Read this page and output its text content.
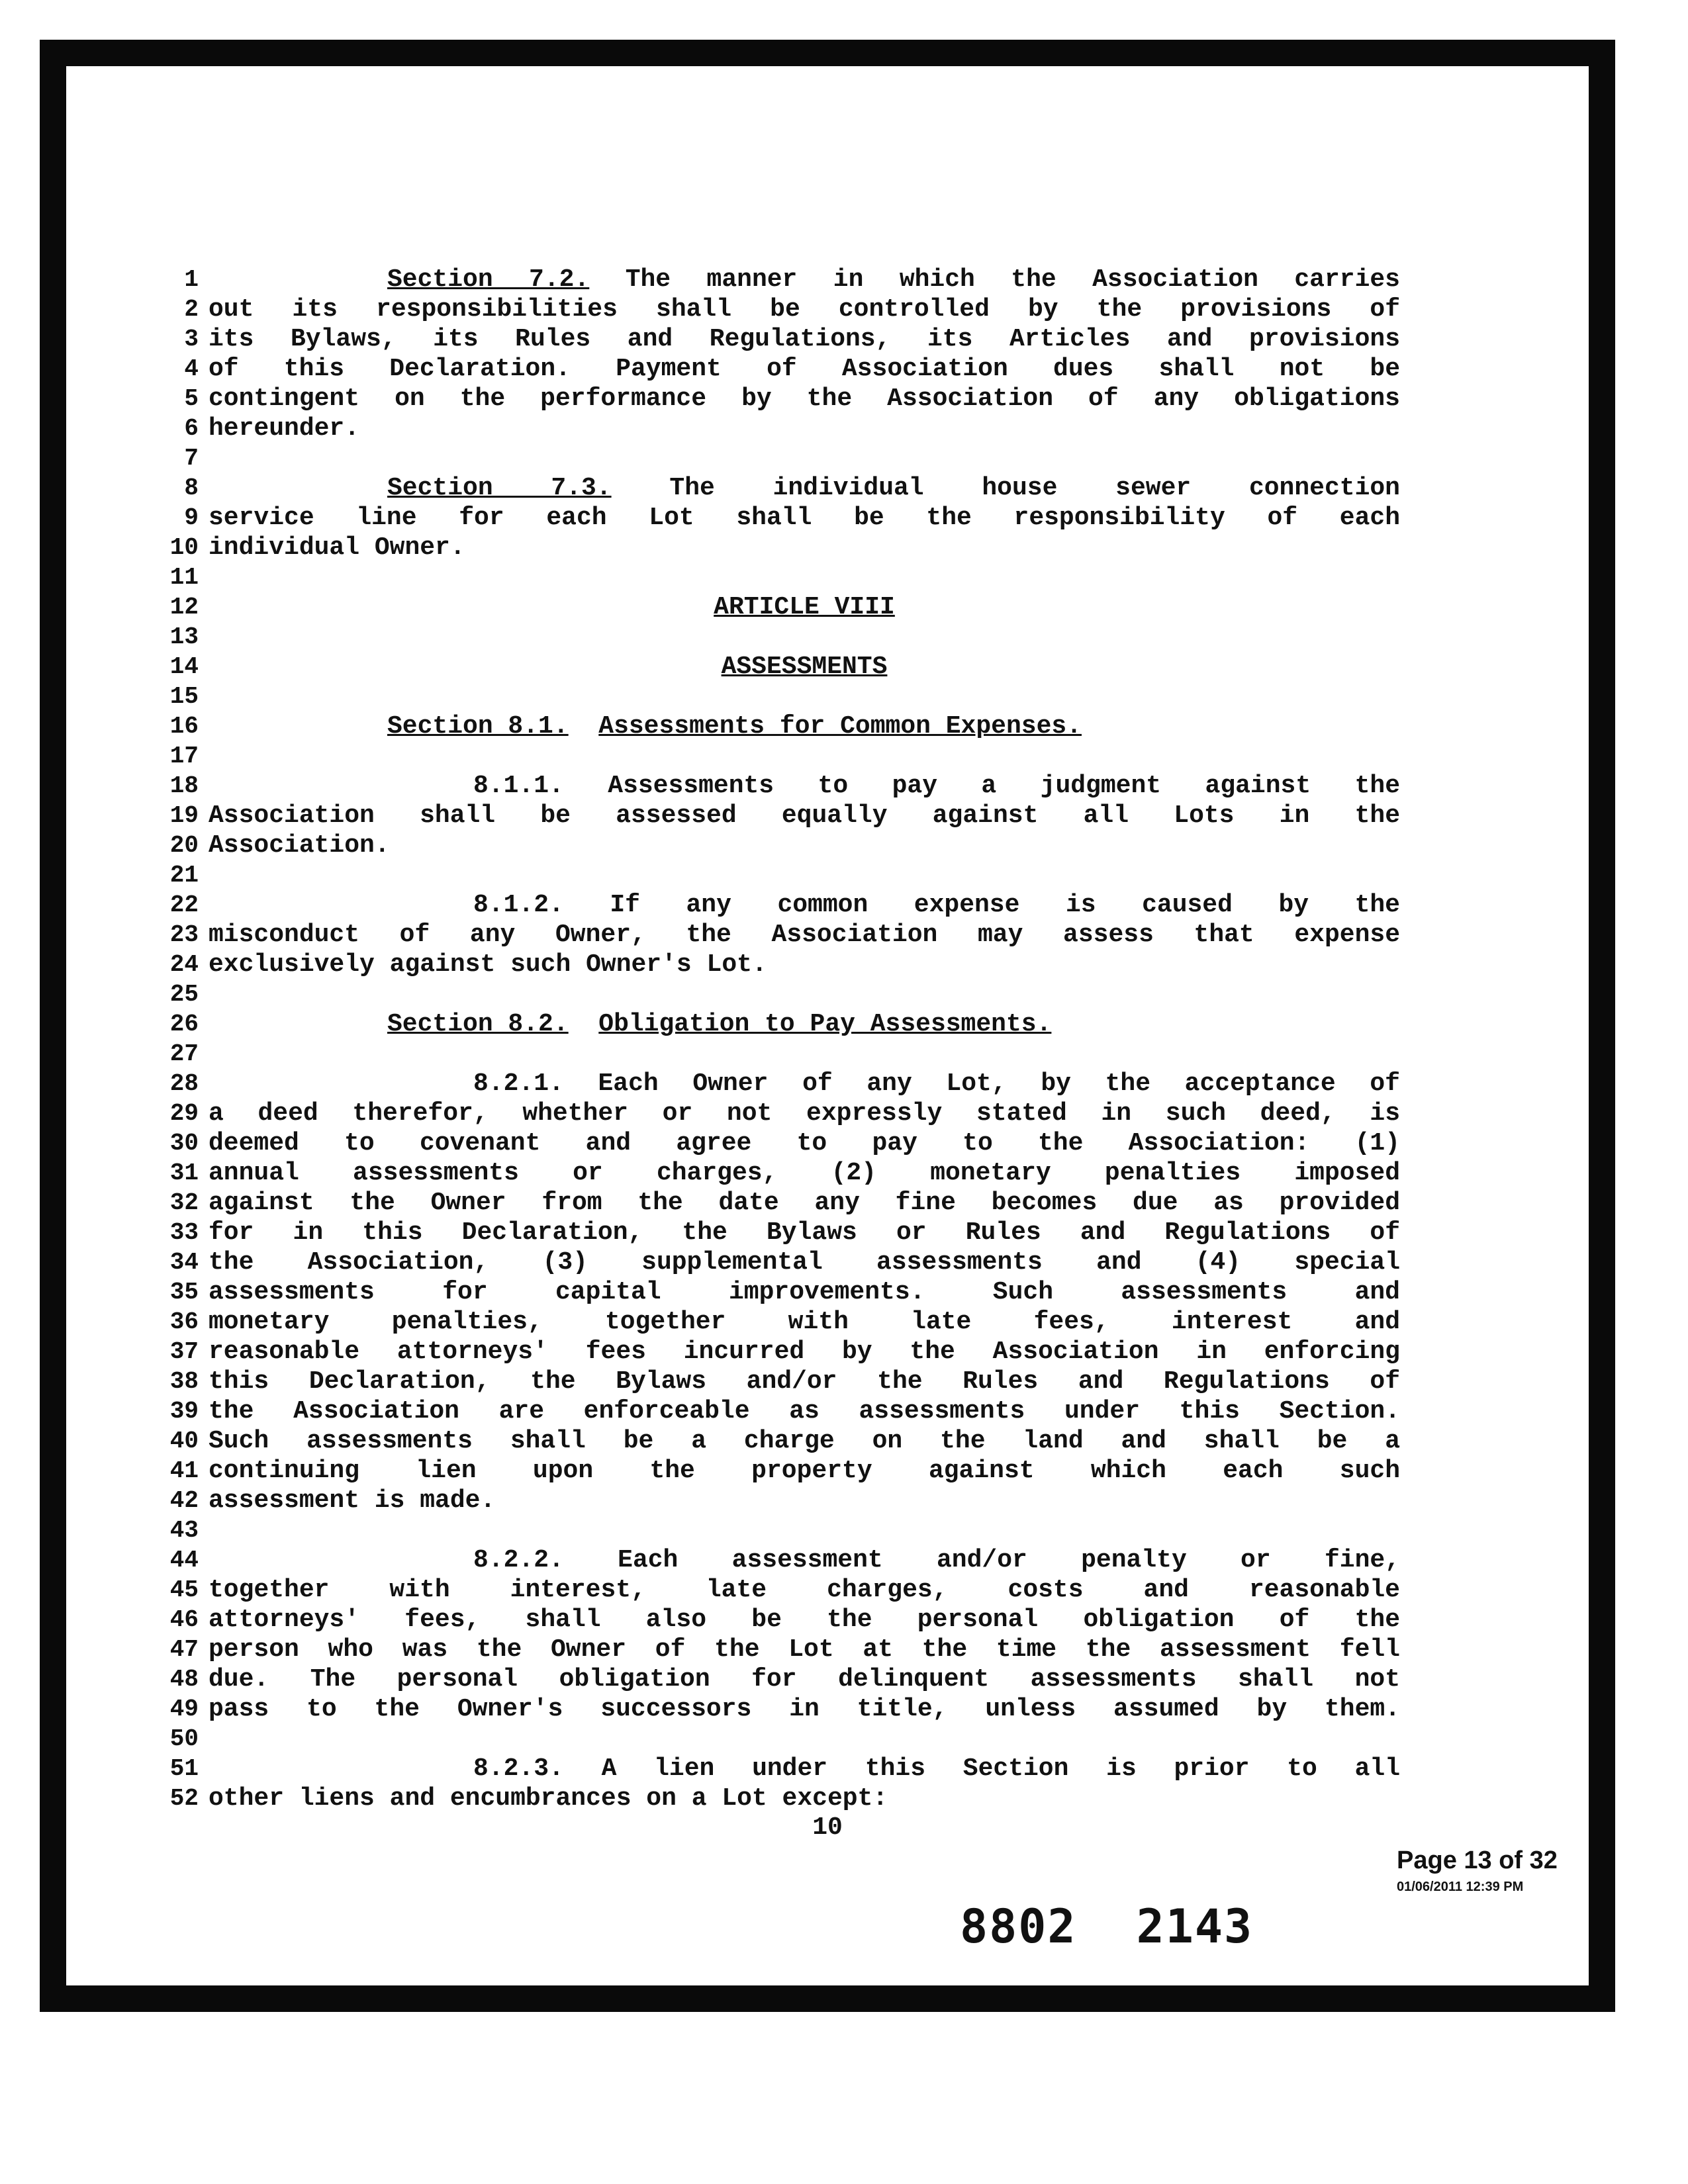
1
2
3
4
5
6
7
8
9
10
11
12
13
14
15
16
17
18
19
20
21
22
23
24
25
26
27
28
29
30
31
32
33
34
35
36
37
38
39
40
41
42
43
44
45
46
47
48
49
50
51
52
Section 7.2. The manner in which the Association carries
out its responsibilities shall be controlled by the provisions of
its Bylaws, its Rules and Regulations, its Articles and provisions
of this Declaration. Payment of Association dues shall not be
contingent on the performance by the Association of any obligations
hereunder.
Section 7.3. The individual house sewer connection
service line for each Lot shall be the responsibility of each
individual Owner.
ARTICLE VIII
ASSESSMENTS
Section 8.1. Assessments for Common Expenses.
8.1.1. Assessments to pay a judgment against the
Association shall be assessed equally against all Lots in the
Association.
8.1.2. If any common expense is caused by the
misconduct of any Owner, the Association may assess that expense
exclusively against such Owner's Lot.
Section 8.2. Obligation to Pay Assessments.
8.2.1. Each Owner of any Lot, by the acceptance of
a deed therefor, whether or not expressly stated in such deed, is
deemed to covenant and agree to pay to the Association: (1)
annual assessments or charges, (2) monetary penalties imposed
against the Owner from the date any fine becomes due as provided
for in this Declaration, the Bylaws or Rules and Regulations of
the Association, (3) supplemental assessments and (4) special
assessments for capital improvements. Such assessments and
monetary penalties, together with late fees, interest and
reasonable attorneys' fees incurred by the Association in enforcing
this Declaration, the Bylaws and/or the Rules and Regulations of
the Association are enforceable as assessments under this Section.
Such assessments shall be a charge on the land and shall be a
continuing lien upon the property against which each such
assessment is made.
8.2.2. Each assessment and/or penalty or fine,
together with interest, late charges, costs and reasonable
attorneys' fees, shall also be the personal obligation of the
person who was the Owner of the Lot at the time the assessment fell
due. The personal obligation for delinquent assessments shall not
pass to the Owner's successors in title, unless assumed by them.
8.2.3. A lien under this Section is prior to all
other liens and encumbrances on a Lot except:
10
8802 2143
Page 13 of 32
01/06/2011 12:39 PM
